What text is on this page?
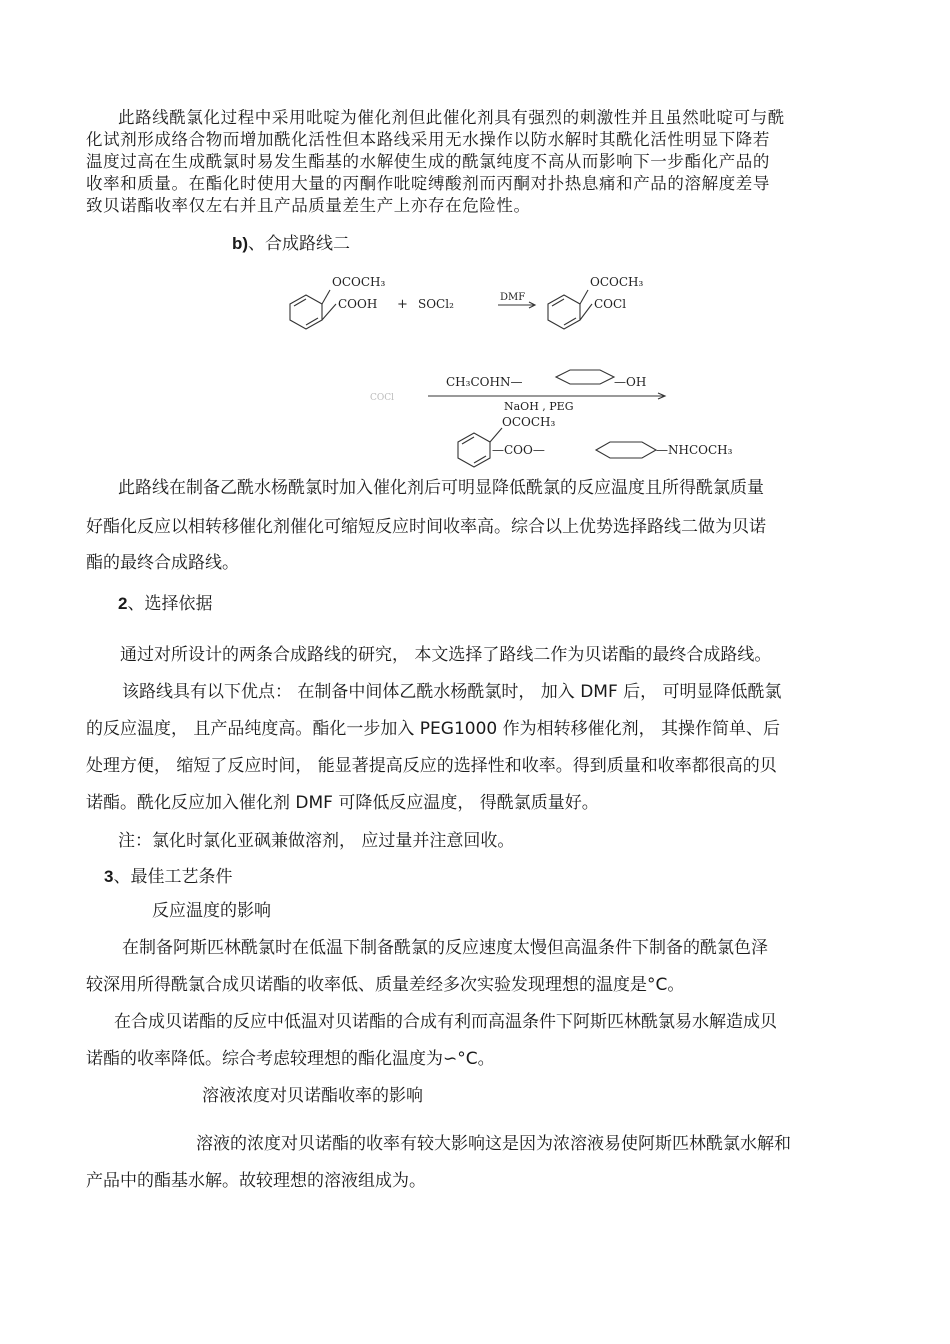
此路线酰氯化过程中采用吡啶为催化剂但此催化剂具有强烈的刺激性并且虽然吡啶可与酰
化试剂形成络合物而增加酰化活性但本路线采用无水操作以防水解时其酰化活性明显下降若
温度过高在生成酰氯时易发生酯基的水解使生成的酰氯纯度不高从而影响下一步酯化产品的
收率和质量。在酯化时使用大量的丙酮作吡啶缚酸剂而丙酮对扑热息痛和产品的溶解度差导
致贝诺酯收率仅左右并且产品质量差生产上亦存在危险性。
b)、合成路线二
OCOCH₃
COOH + SOCl₂	DMF
OCOCH₃
COCl
COCl
CH₃COHN—	—OH
NaOH , PEG
OCOCH₃
—COO—	—NHCOCH₃
此路线在制备乙酰水杨酰氯时加入催化剂后可明显降低酰氯的反应温度且所得酰氯质量
好酯化反应以相转移催化剂催化可缩短反应时间收率高。综合以上优势选择路线二做为贝诺
酯的最终合成路线。
2、选择依据
通过对所设计的两条合成路线的研究， 本文选择了路线二作为贝诺酯的最终合成路线。
该路线具有以下优点： 在制备中间体乙酰水杨酰氯时， 加入 DMF 后， 可明显降低酰氯
的反应温度， 且产品纯度高。酯化一步加入 PEG1000 作为相转移催化剂， 其操作简单、后
处理方便， 缩短了反应时间， 能显著提高反应的选择性和收率。得到质量和收率都很高的贝
诺酯。酰化反应加入催化剂 DMF 可降低反应温度， 得酰氯质量好。
注：氯化时氯化亚砜兼做溶剂， 应过量并注意回收。
3、最佳工艺条件
反应温度的影响
在制备阿斯匹林酰氯时在低温下制备酰氯的反应速度太慢但高温条件下制备的酰氯色泽
较深用所得酰氯合成贝诺酯的收率低、质量差经多次实验发现理想的温度是°C。
在合成贝诺酯的反应中低温对贝诺酯的合成有利而高温条件下阿斯匹林酰氯易水解造成贝
诺酯的收率降低。综合考虑较理想的酯化温度为∽°C。
溶液浓度对贝诺酯收率的影响
溶液的浓度对贝诺酯的收率有较大影响这是因为浓溶液易使阿斯匹林酰氯水解和
产品中的酯基水解。故较理想的溶液组成为。
